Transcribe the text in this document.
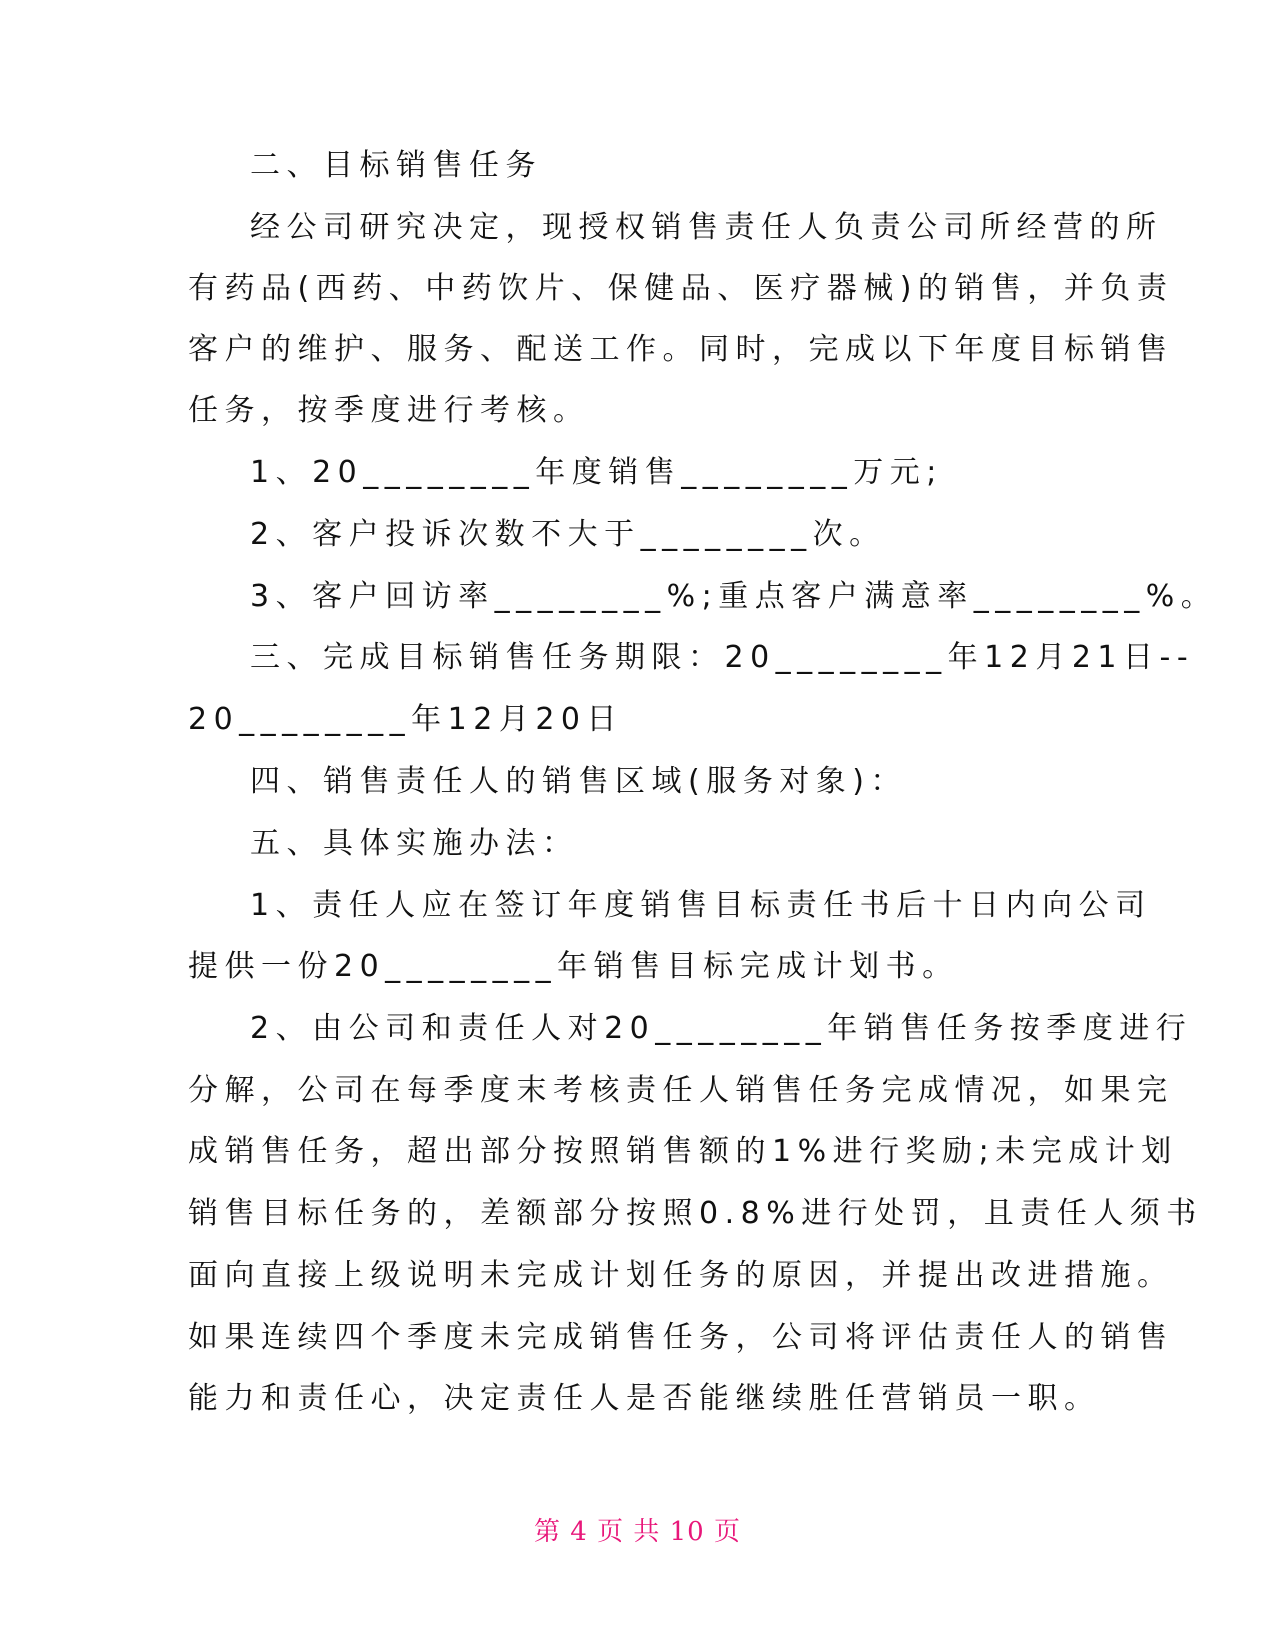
二、目标销售任务
经公司研究决定，现授权销售责任人负责公司所经营的所
有药品(西药、中药饮片、保健品、医疗器械)的销售，并负责
客户的维护、服务、配送工作。同时，完成以下年度目标销售
任务，按季度进行考核。
1、20________年度销售________万元;
2、客户投诉次数不大于________次。
3、客户回访率________%;重点客户满意率________%。
三、完成目标销售任务期限：20________年12月21日--
20________年12月20日
四、销售责任人的销售区域(服务对象)：
五、具体实施办法：
1、责任人应在签订年度销售目标责任书后十日内向公司
提供一份20________年销售目标完成计划书。
2、由公司和责任人对20________年销售任务按季度进行
分解，公司在每季度末考核责任人销售任务完成情况，如果完
成销售任务，超出部分按照销售额的1%进行奖励;未完成计划
销售目标任务的，差额部分按照0.8%进行处罚，且责任人须书
面向直接上级说明未完成计划任务的原因，并提出改进措施。
如果连续四个季度未完成销售任务，公司将评估责任人的销售
能力和责任心，决定责任人是否能继续胜任营销员一职。
第 4 页 共 10 页
